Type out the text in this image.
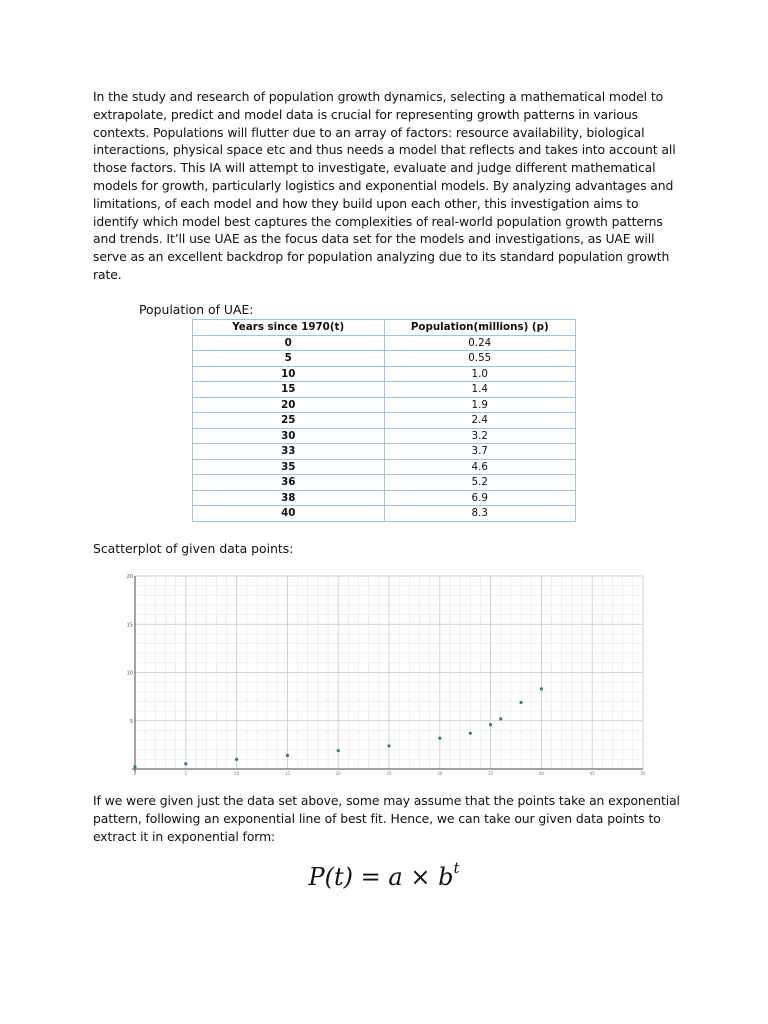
In the study and research of population growth dynamics, selecting a mathematical model to extrapolate, predict and model data is crucial for representing growth patterns in various contexts. Populations will flutter due to an array of factors: resource availability, biological interactions, physical space etc and thus needs a model that reflects and takes into account all those factors. This IA will attempt to investigate, evaluate and judge different mathematical models for growth, particularly logistics and exponential models. By analyzing advantages and limitations, of each model and how they build upon each other, this investigation aims to identify which model best captures the complexities of real-world population growth patterns and trends. It’ll use UAE as the focus data set for the models and investigations, as UAE will serve as an excellent backdrop for population analyzing due to its standard population growth rate.
Population of UAE:
Years since 1970(t)	Population(millions) (p)
0	0.24
5	0.55
10	1.0
15	1.4
20	1.9
25	2.4
30	3.2
33	3.7
35	4.6
36	5.2
38	6.9
40	8.3
Scatterplot of given data points:
5
10
15
20
0	5	10	15	20	25	30	35	40	45	50
If we were given just the data set above, some may assume that the points take an exponential pattern, following an exponential line of best fit. Hence, we can take our given data points to extract it in exponential form:
$P(t) = a \times b^t$
